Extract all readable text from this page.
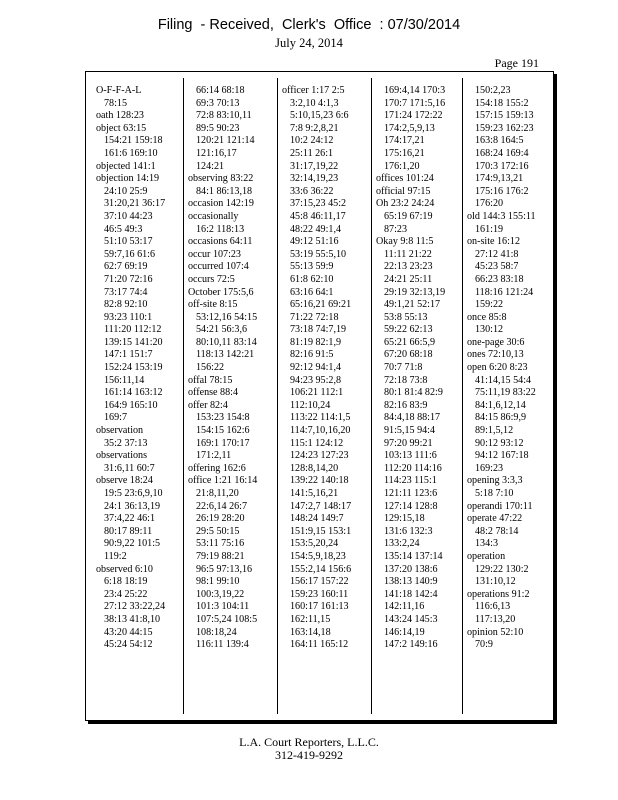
Filing  - Received,  Clerk's  Office  : 07/30/2014
July 24, 2014
Page 191
O-F-F-A-L
78:15
oath 128:23
object 63:15
154:21 159:18
161:6 169:10
objected 141:1
objection 14:19
24:10 25:9
31:20,21 36:17
37:10 44:23
46:5 49:3
51:10 53:17
59:7,16 61:6
62:7 69:19
71:20 72:16
73:17 74:4
82:8 92:10
93:23 110:1
111:20 112:12
139:15 141:20
147:1 151:7
152:24 153:19
156:11,14
161:14 163:12
164:9 165:10
169:7
observation
35:2 37:13
observations
31:6,11 60:7
observe 18:24
19:5 23:6,9,10
24:1 36:13,19
37:4,22 46:1
80:17 89:11
90:9,22 101:5
119:2
observed 6:10
6:18 18:19
23:4 25:22
27:12 33:22,24
38:13 41:8,10
43:20 44:15
45:24 54:12
66:14 68:18
69:3 70:13
72:8 83:10,11
89:5 90:23
120:21 121:14
121:16,17
124:21
observing 83:22
84:1 86:13,18
occasion 142:19
occasionally
16:2 118:13
occasions 64:11
occur 107:23
occurred 107:4
occurs 72:5
October 175:5,6
off-site 8:15
53:12,16 54:15
54:21 56:3,6
80:10,11 83:14
118:13 142:21
156:22
offal 78:15
offense 88:4
offer 82:4
153:23 154:8
154:15 162:6
169:1 170:17
171:2,11
offering 162:6
office 1:21 16:14
21:8,11,20
22:6,14 26:7
26:19 28:20
29:5 50:15
53:11 75:16
79:19 88:21
96:5 97:13,16
98:1 99:10
100:3,19,22
101:3 104:11
107:5,24 108:5
108:18,24
116:11 139:4
officer 1:17 2:5
3:2,10 4:1,3
5:10,15,23 6:6
7:8 9:2,8,21
10:2 24:12
25:11 26:1
31:17,19,22
32:14,19,23
33:6 36:22
37:15,23 45:2
45:8 46:11,17
48:22 49:1,4
49:12 51:16
53:19 55:5,10
55:13 59:9
61:8 62:10
63:16 64:1
65:16,21 69:21
71:22 72:18
73:18 74:7,19
81:19 82:1,9
82:16 91:5
92:12 94:1,4
94:23 95:2,8
106:21 112:1
112:10,24
113:22 114:1,5
114:7,10,16,20
115:1 124:12
124:23 127:23
128:8,14,20
139:22 140:18
141:5,16,21
147:2,7 148:17
148:24 149:7
151:9,15 153:1
153:5,20,24
154:5,9,18,23
155:2,14 156:6
156:17 157:22
159:23 160:11
160:17 161:13
162:11,15
163:14,18
164:11 165:12
169:4,14 170:3
170:7 171:5,16
171:24 172:22
174:2,5,9,13
174:17,21
175:16,21
176:1,20
offices 101:24
official 97:15
Oh 23:2 24:24
65:19 67:19
87:23
Okay 9:8 11:5
11:11 21:22
22:13 23:23
24:21 25:11
29:19 32:13,19
49:1,21 52:17
53:8 55:13
59:22 62:13
65:21 66:5,9
67:20 68:18
70:7 71:8
72:18 73:8
80:1 81:4 82:9
82:16 83:9
84:4,18 88:17
91:5,15 94:4
97:20 99:21
103:13 111:6
112:20 114:16
114:23 115:1
121:11 123:6
127:14 128:8
129:15,18
131:6 132:3
133:2,24
135:14 137:14
137:20 138:6
138:13 140:9
141:18 142:4
142:11,16
143:24 145:3
146:14,19
147:2 149:16
150:2,23
154:18 155:2
157:15 159:13
159:23 162:23
163:8 164:5
168:24 169:4
170:3 172:16
174:9,13,21
175:16 176:2
176:20
old 144:3 155:11
161:19
on-site 16:12
27:12 41:8
45:23 58:7
66:23 83:18
118:16 121:24
159:22
once 85:8
130:12
one-page 30:6
ones 72:10,13
open 6:20 8:23
41:14,15 54:4
75:11,19 83:22
84:1,6,12,14
84:15 86:9,9
89:1,5,12
90:12 93:12
94:12 167:18
169:23
opening 3:3,3
5:18 7:10
operandi 170:11
operate 47:22
48:2 78:14
134:3
operation
129:22 130:2
131:10,12
operations 91:2
116:6,13
117:13,20
opinion 52:10
70:9
L.A. Court Reporters, L.L.C.
312-419-9292
